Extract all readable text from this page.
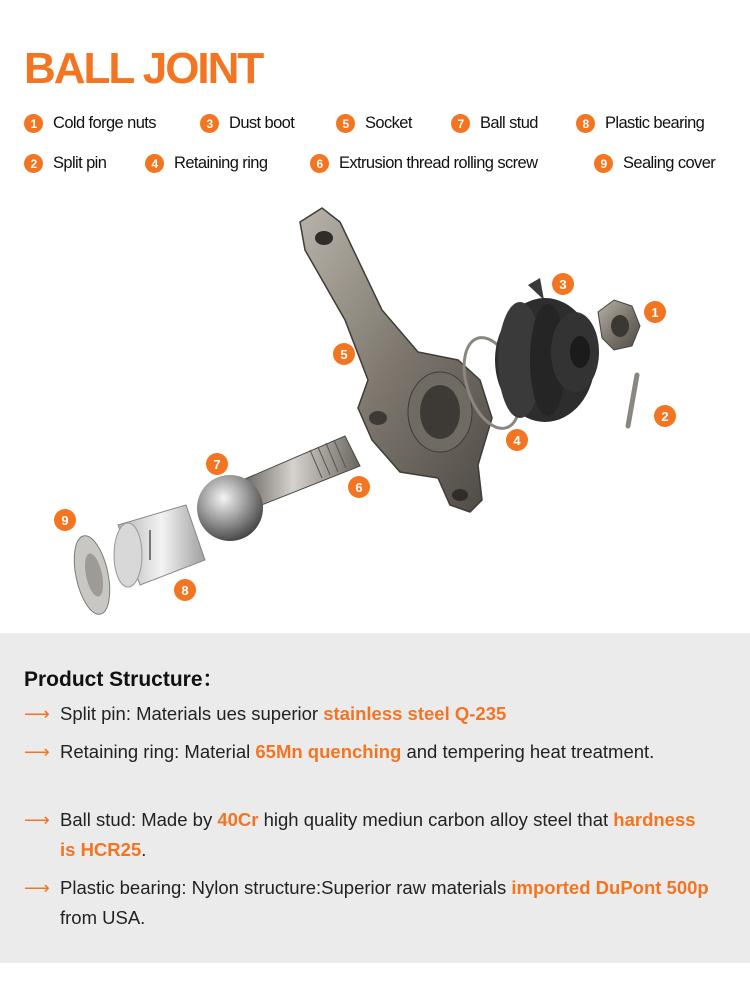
BALL JOINT
1 Cold forge nuts	3 Dust boot	5 Socket	7 Ball stud	8 Plastic bearing
2 Split pin	4 Retaining ring	6 Extrusion thread rolling screw	9 Sealing cover
1
2
3
4
5
6
7
8
9
Product Structure：
⟶ Split pin: Materials ues superior stainless steel Q-235
⟶ Retaining ring: Material 65Mn quenching and tempering heat treatment.
⟶ Ball stud: Made by 40Cr high quality mediun carbon alloy steel that hardness is HCR25.
⟶ Plastic bearing: Nylon structure:Superior raw materials imported DuPont 500p from USA.
